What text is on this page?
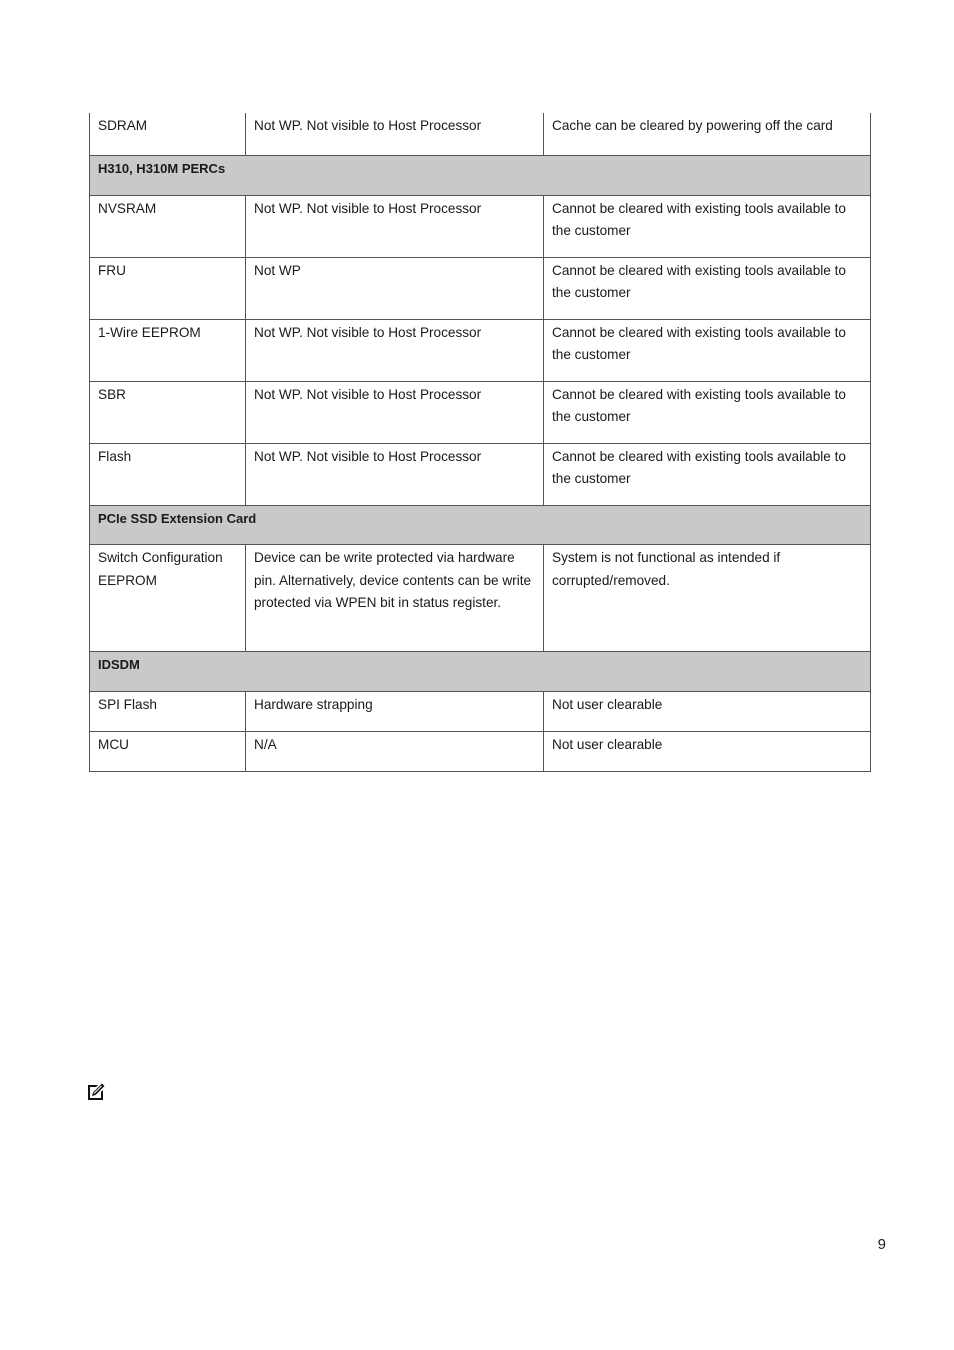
SDRAM	Not WP. Not visible to Host Processor	Cache can be cleared by powering off the card
H310, H310M PERCs		
NVSRAM	Not WP. Not visible to Host Processor	Cannot be cleared with existing tools available to the customer
FRU	Not WP	Cannot be cleared with existing tools available to the customer
1-Wire EEPROM	Not WP. Not visible to Host Processor	Cannot be cleared with existing tools available to the customer
SBR	Not WP. Not visible to Host Processor	Cannot be cleared with existing tools available to the customer
Flash	Not WP. Not visible to Host Processor	Cannot be cleared with existing tools available to the customer
PCIe SSD Extension Card		
Switch Configuration EEPROM	Device can be write protected via hardware pin. Alternatively, device contents can be write protected via WPEN bit in status register.	System is not functional as intended if corrupted/removed.
IDSDM		
SPI Flash	Hardware strapping	Not user clearable
MCU	N/A	Not user clearable
9
